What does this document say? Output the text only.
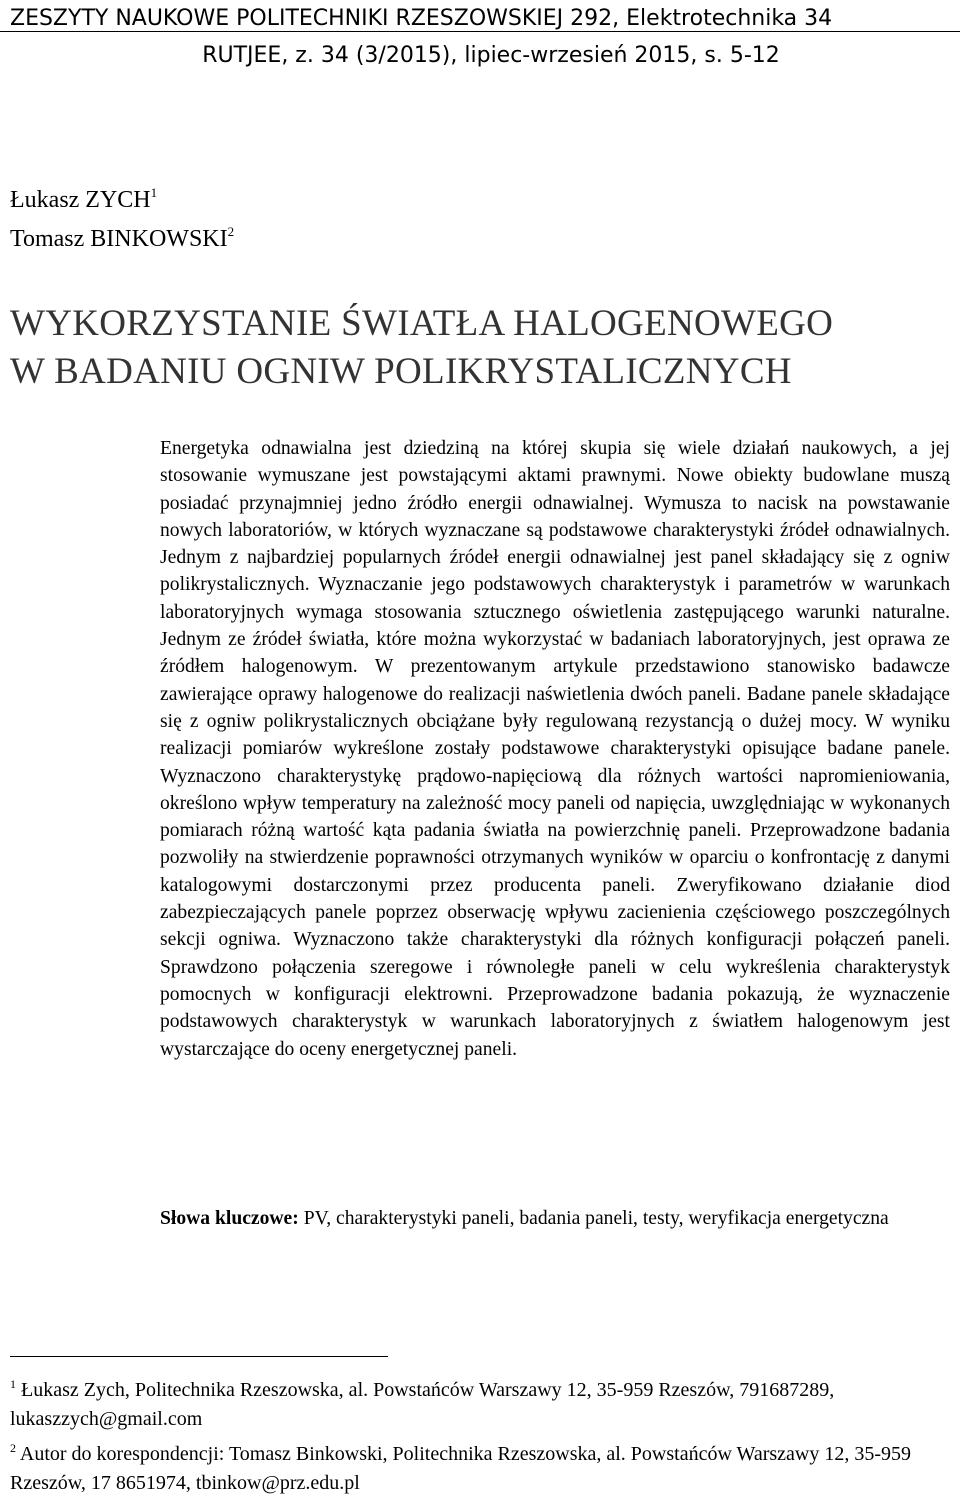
ZESZYTY NAUKOWE POLITECHNIKI RZESZOWSKIEJ 292, Elektrotechnika 34
RUTJEE, z. 34 (3/2015), lipiec-wrzesień 2015, s. 5-12
Łukasz ZYCH$^1$
Tomasz BINKOWSKI$^2$
WYKORZYSTANIE ŚWIATŁA HALOGENOWEGO
W BADANIU OGNIW POLIKRYSTALICZNYCH
Energetyka odnawialna jest dziedziną na której skupia się wiele działań naukowych, a jej stosowanie wymuszane jest powstającymi aktami prawnymi. Nowe obiekty budowlane muszą posiadać przynajmniej jedno źródło energii odnawialnej. Wymusza to nacisk na powstawanie nowych laboratoriów, w których wyznaczane są podstawowe charakterystyki źródeł odnawialnych. Jednym z najbardziej popularnych źródeł energii odnawialnej jest panel składający się z ogniw polikrystalicznych. Wyznaczanie jego podstawowych charakterystyk i parametrów w warunkach laboratoryjnych wymaga stosowania sztucznego oświetlenia zastępującego warunki naturalne. Jednym ze źródeł światła, które można wykorzystać w badaniach laboratoryjnych, jest oprawa ze źródłem halogenowym. W prezentowanym artykule przedstawiono stanowisko badawcze zawierające oprawy halogenowe do realizacji naświetlenia dwóch paneli. Badane panele składające się z ogniw polikrystalicznych obciążane były regulowaną rezystancją o dużej mocy. W wyniku realizacji pomiarów wykreślone zostały podstawowe charakterystyki opisujące badane panele. Wyznaczono charakterystykę prądowo-napięciową dla różnych wartości napromieniowania, określono wpływ temperatury na zależność mocy paneli od napięcia, uwzględniając w wykonanych pomiarach różną wartość kąta padania światła na powierzchnię paneli. Przeprowadzone badania pozwoliły na stwierdzenie poprawności otrzymanych wyników w oparciu o konfrontację z danymi katalogowymi dostarczonymi przez producenta paneli. Zweryfikowano działanie diod zabezpieczających panele poprzez obserwację wpływu zacienienia częściowego poszczególnych sekcji ogniwa. Wyznaczono także charakterystyki dla różnych konfiguracji połączeń paneli. Sprawdzono połączenia szeregowe i równoległe paneli w celu wykreślenia charakterystyk pomocnych w konfiguracji elektrowni. Przeprowadzone badania pokazują, że wyznaczenie podstawowych charakterystyk w warunkach laboratoryjnych z światłem halogenowym jest wystarczające do oceny energetycznej paneli.
Słowa kluczowe: PV, charakterystyki paneli, badania paneli, testy, weryfikacja energetyczna

$^1$ Łukasz Zych, Politechnika Rzeszowska, al. Powstańców Warszawy 12, 35-959 Rzeszów, 791687289, lukaszzych@gmail.com

$^2$ Autor do korespondencji: Tomasz Binkowski, Politechnika Rzeszowska, al. Powstańców Warszawy 12, 35-959 Rzeszów, 17 8651974, tbinkow@prz.edu.pl
